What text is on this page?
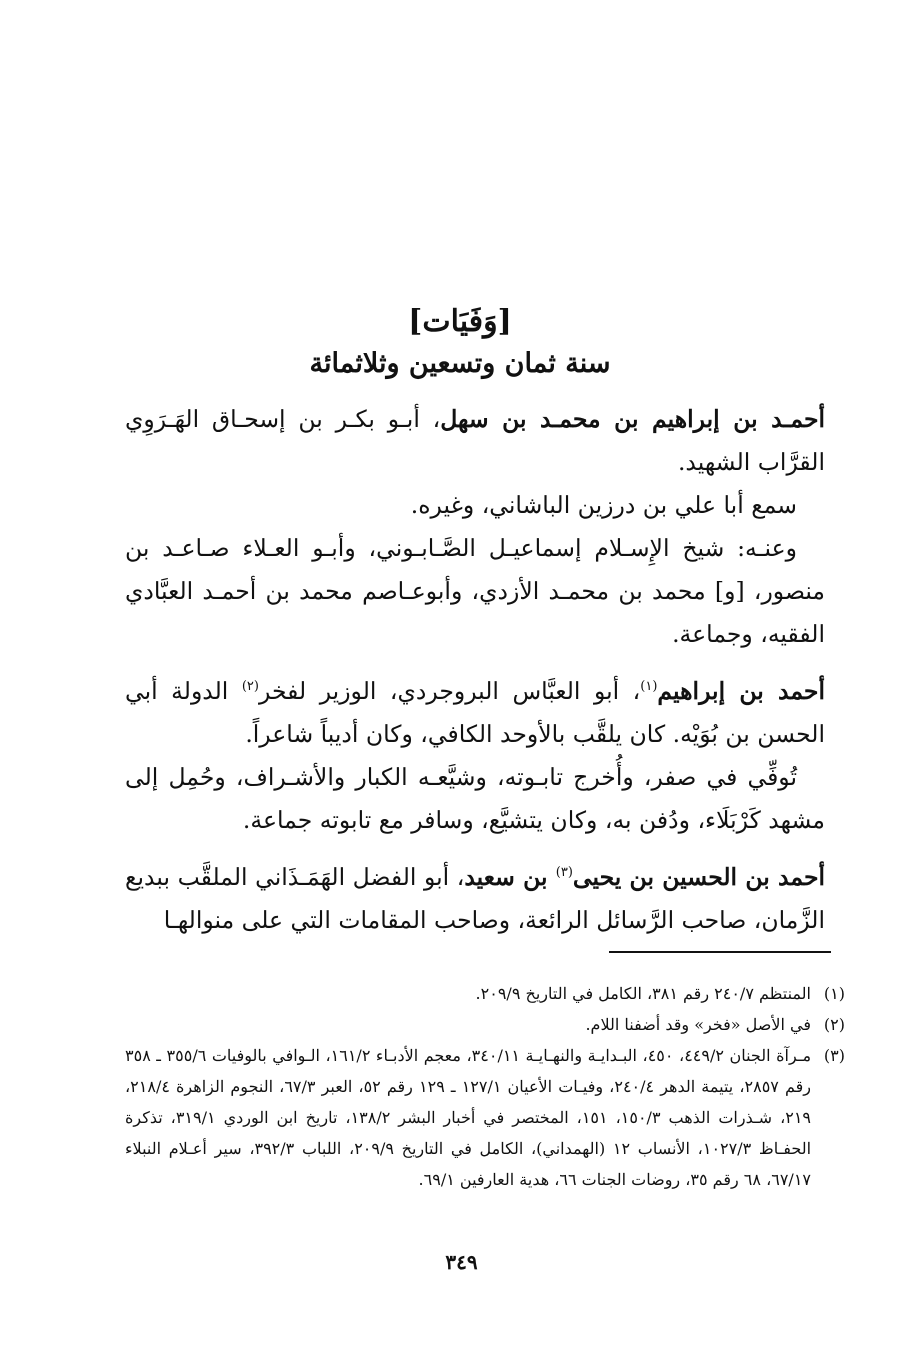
[وَفَيَات]
سنة ثمان وتسعين وثلاثمائة

أحمـد بن إبراهيم بن محمـد بن سهل، أبـو بكـر بن إسحـاق الهَـرَوِي القرَّاب الشهيد.

سمع أبا علي بن درزين الباشاني، وغيره.

وعنـه: شيخ الإِسـلام إسماعيـل الصَّـابـوني، وأبـو العـلاء صـاعـد بن منصور، [و] محمد بن محمـد الأزدي، وأبوعـاصم محمد بن أحمـد العبَّادي الفقيه، وجماعة.

أحمد بن إبراهيم$^{(١)}$، أبو العبَّاس البروجردي، الوزير لفخر$^{(٢)}$ الدولة أبي الحسن بن بُوَيْه. كان يلقَّب بالأوحد الكافي، وكان أديباً شاعراً.

تُوفِّي في صفر، وأُخرج تابـوته، وشيَّعـه الكبار والأشـراف، وحُمِل إلى مشهد كَرْبَلَاء، ودُفن به، وكان يتشيَّع، وسافر مع تابوته جماعة.

أحمد بن الحسين بن يحيى$^{(٣)}$ بن سعيد، أبو الفضل الهَمَـذَاني الملقَّب ببديع الزَّمان، صاحب الرَّسائل الرائعة، وصاحب المقامات التي على منوالهـا

(١)
المنتظم ٢٤٠/٧ رقم ٣٨١، الكامل في التاريخ ٢٠٩/٩.
(٢)
في الأصل «فخر» وقد أضفنا اللام.
(٣)
مـرآة الجنان ٤٤٩/٢، ٤٥٠، البـدايـة والنهـايـة ٣٤٠/١١، معجم الأدبـاء ١٦١/٢، الـوافي بالوفيات ٣٥٥/٦ ـ ٣٥٨ رقم ٢٨٥٧، يتيمة الدهر ٢٤٠/٤، وفيـات الأعيان ١٢٧/١ ـ ١٢٩ رقم ٥٢، العبر ٦٧/٣، النجوم الزاهرة ٢١٨/٤، ٢١٩، شـذرات الذهب ١٥٠/٣، ١٥١، المختصر في أخبار البشر ١٣٨/٢، تاريخ ابن الوردي ٣١٩/١، تذكرة الحفـاظ ١٠٢٧/٣، الأنساب ١٢ (الهمداني)، الكامل في التاريخ ٢٠٩/٩، اللباب ٣٩٢/٣، سير أعـلام النبلاء ٦٧/١٧، ٦٨ رقم ٣٥، روضات الجنات ٦٦، هدية العارفين ٦٩/١.
٣٤٩
